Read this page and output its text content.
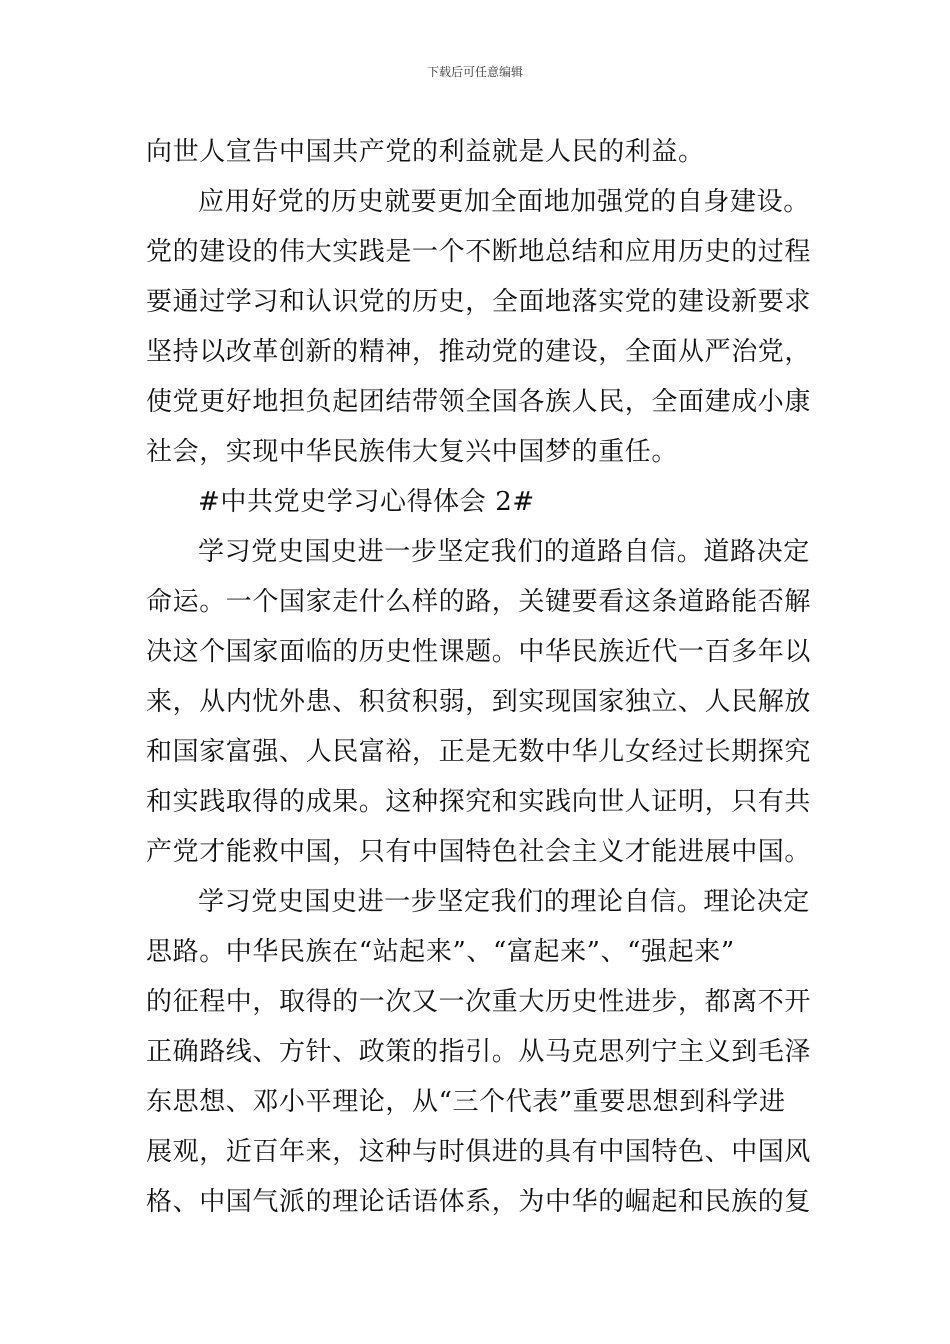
下载后可任意编辑
向世人宣告中国共产党的利益就是人民的利益。
应用好党的历史就要更加全面地加强党的自身建设。
党的建设的伟大实践是一个不断地总结和应用历史的过程
要通过学习和认识党的历史，全面地落实党的建设新要求
坚持以改革创新的精神，推动党的建设，全面从严治党，
使党更好地担负起团结带领全国各族人民，全面建成小康
社会，实现中华民族伟大复兴中国梦的重任。
#中共党史学习心得体会 2#
学习党史国史进一步坚定我们的道路自信。道路决定
命运。一个国家走什么样的路，关键要看这条道路能否解
决这个国家面临的历史性课题。中华民族近代一百多年以
来，从内忧外患、积贫积弱，到实现国家独立、人民解放
和国家富强、人民富裕，正是无数中华儿女经过长期探究
和实践取得的成果。这种探究和实践向世人证明，只有共
产党才能救中国，只有中国特色社会主义才能进展中国。
学习党史国史进一步坚定我们的理论自信。理论决定
思路。中华民族在“站起来”、“富起来”、“强起来”
的征程中，取得的一次又一次重大历史性进步，都离不开
正确路线、方针、政策的指引。从马克思列宁主义到毛泽
东思想、邓小平理论，从“三个代表”重要思想到科学进
展观，近百年来，这种与时俱进的具有中国特色、中国风
格、中国气派的理论话语体系，为中华的崛起和民族的复
